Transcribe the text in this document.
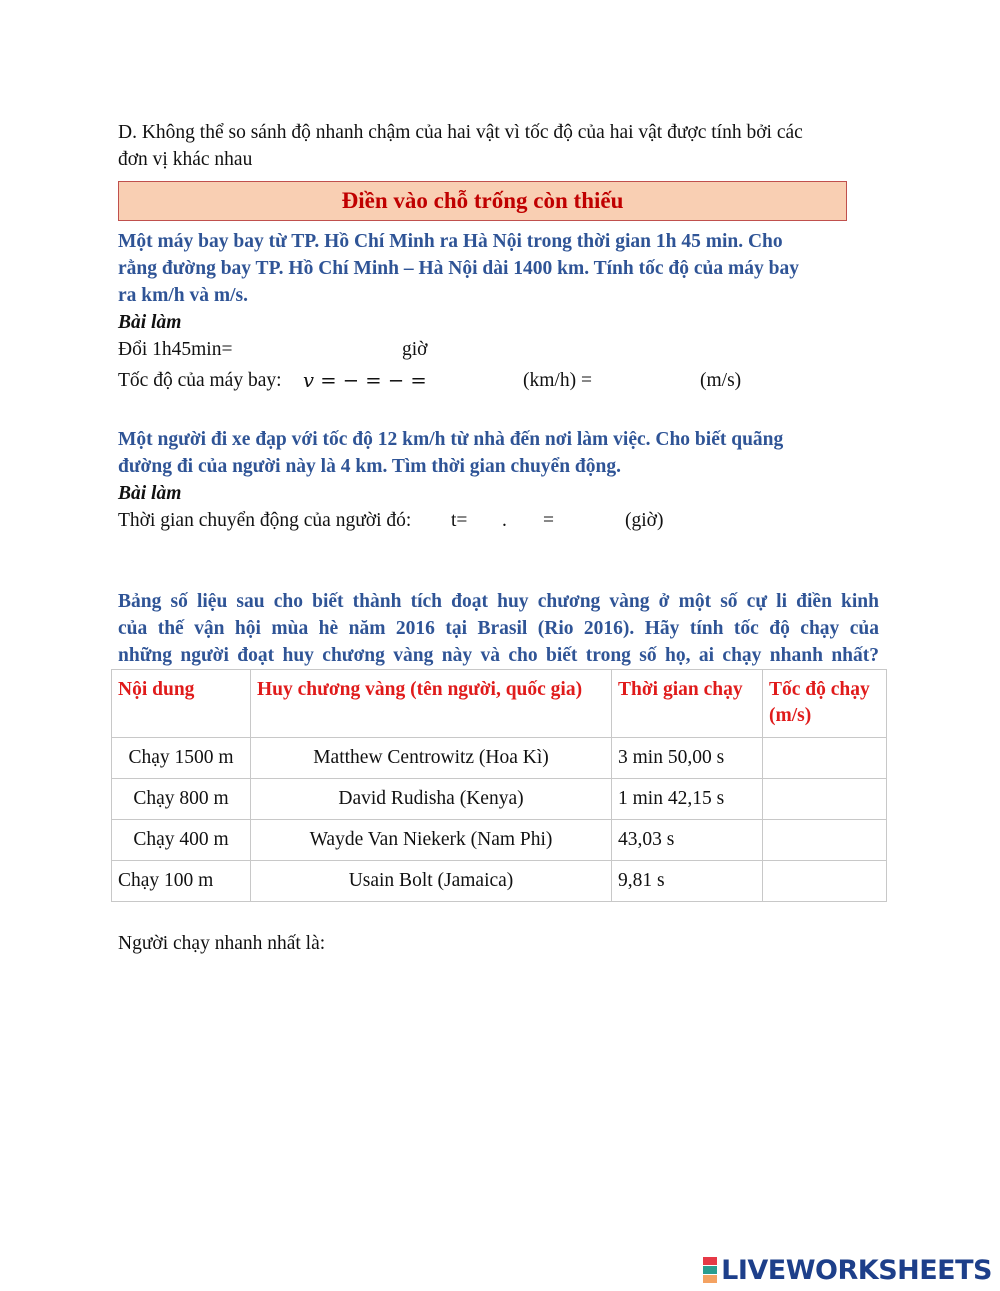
D. Không thể so sánh độ nhanh chậm của hai vật vì tốc độ của hai vật được tính bởi các
đơn vị khác nhau
Điền vào chỗ trống còn thiếu
Một máy bay bay từ TP. Hồ Chí Minh ra Hà Nội trong thời gian 1h 45 min. Cho
rằng đường bay TP. Hồ Chí Minh – Hà Nội dài 1400 km. Tính tốc độ của máy bay
ra km/h và m/s.
Bài làm
Đổi 1h45min=	giờ
Tốc độ của máy bay: 𝑣 = − = − =	(km/h) =	(m/s)
Một người đi xe đạp với tốc độ 12 km/h từ nhà đến nơi làm việc. Cho biết quãng
đường đi của người này là 4 km. Tìm thời gian chuyển động.
Bài làm
Thời gian chuyển động của người đó: t= . =	(giờ)
Bảng số liệu sau cho biết thành tích đoạt huy chương vàng ở một số cự li điền kinh
của thế vận hội mùa hè năm 2016 tại Brasil (Rio 2016). Hãy tính tốc độ chạy của
những người đoạt huy chương vàng này và cho biết trong số họ, ai chạy nhanh nhất?
Nội dung	Huy chương vàng (tên người, quốc gia)	Thời gian chạy	Tốc độ chạy (m/s)
Chạy 1500 m	Matthew Centrowitz (Hoa Kì)	3 min 50,00 s	
Chạy 800 m	David Rudisha (Kenya)	1 min 42,15 s	
Chạy 400 m	Wayde Van Niekerk (Nam Phi)	43,03 s	
Chạy 100 m	Usain Bolt (Jamaica)	9,81 s	
Người chạy nhanh nhất là:
LIVEWORKSHEETS
